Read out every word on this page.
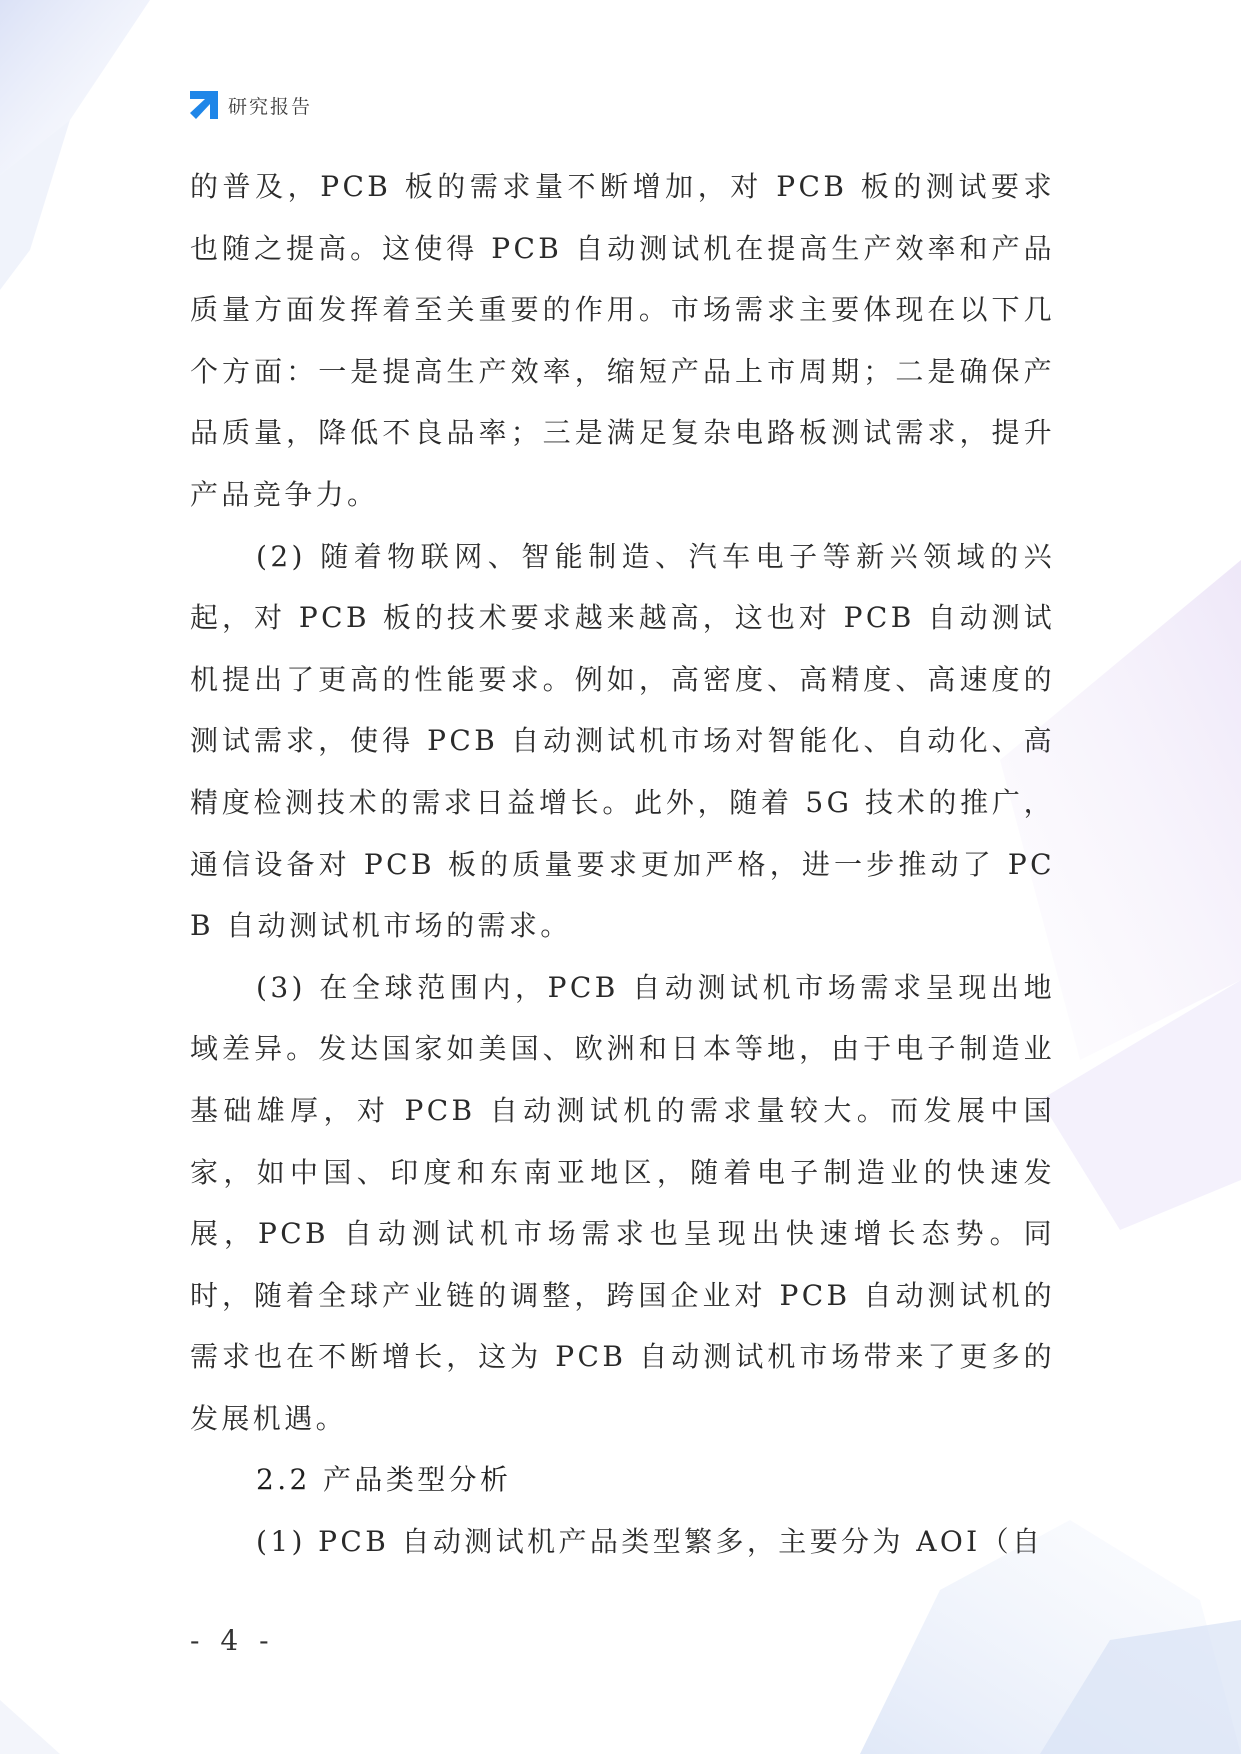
研究报告

的普及，PCB 板的需求量不断增加，对 PCB 板的测试要求也随之提高。这使得 PCB 自动测试机在提高生产效率和产品质量方面发挥着至关重要的作用。市场需求主要体现在以下几个方面：一是提高生产效率，缩短产品上市周期；二是确保产品质量，降低不良品率；三是满足复杂电路板测试需求，提升产品竞争力。

(2) 随着物联网、智能制造、汽车电子等新兴领域的兴起，对 PCB 板的技术要求越来越高，这也对 PCB 自动测试机提出了更高的性能要求。例如，高密度、高精度、高速度的测试需求，使得 PCB 自动测试机市场对智能化、自动化、高精度检测技术的需求日益增长。此外，随着 5G 技术的推广，通信设备对 PCB 板的质量要求更加严格，进一步推动了 PCB 自动测试机市场的需求。

(3) 在全球范围内，PCB 自动测试机市场需求呈现出地域差异。发达国家如美国、欧洲和日本等地，由于电子制造业基础雄厚，对 PCB 自动测试机的需求量较大。而发展中国家，如中国、印度和东南亚地区，随着电子制造业的快速发展，PCB 自动测试机市场需求也呈现出快速增长态势。同时，随着全球产业链的调整，跨国企业对 PCB 自动测试机的需求也在不断增长，这为 PCB 自动测试机市场带来了更多的发展机遇。

2.2 产品类型分析

(1) PCB 自动测试机产品类型繁多，主要分为 AOI（自

- 4 -
